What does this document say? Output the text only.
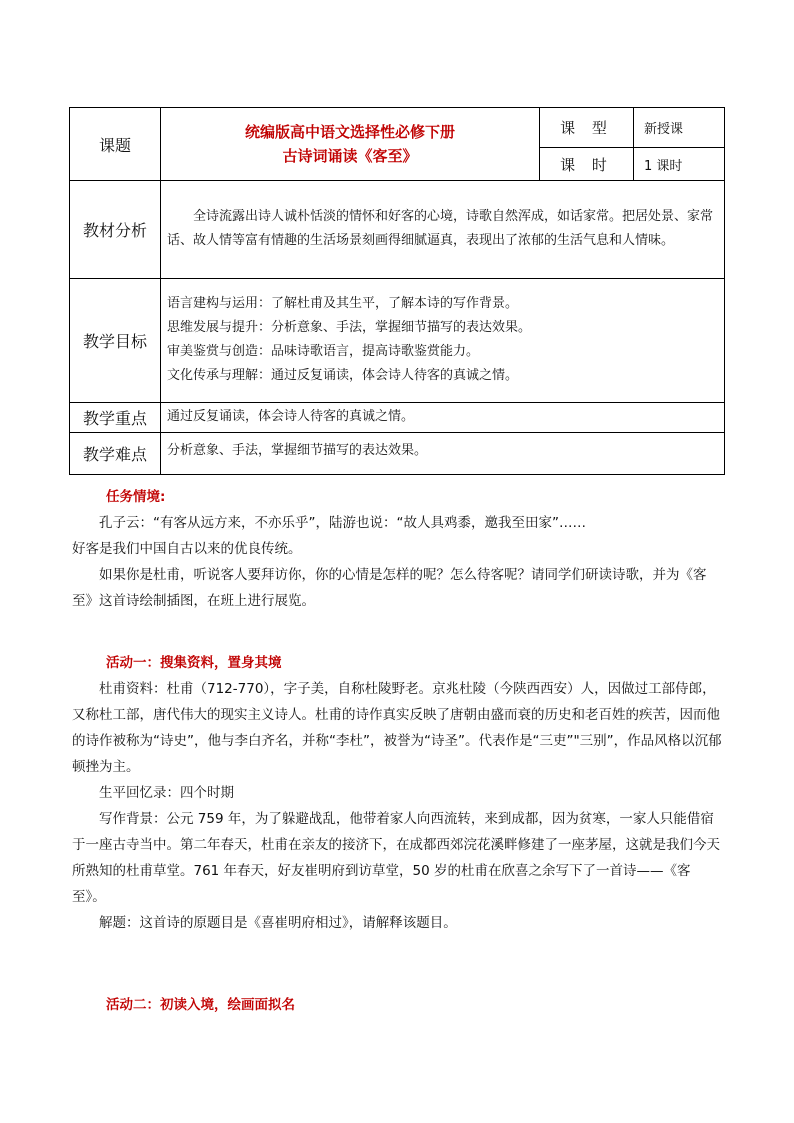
课题	统编版高中语文选择性必修下册
古诗词诵读《客至》	课 型	新授课
		课 时	1 课时
教材分析	全诗流露出诗人诚朴恬淡的情怀和好客的心境，诗歌自然浑成，如话家常。把居处景、家常话、故人情等富有情趣的生活场景刻画得细腻逼真，表现出了浓郁的生活气息和人情味。		
教学目标	语言建构与运用：了解杜甫及其生平，了解本诗的写作背景。
思维发展与提升：分析意象、手法，掌握细节描写的表达效果。
审美鉴赏与创造：品味诗歌语言，提高诗歌鉴赏能力。
文化传承与理解：通过反复诵读，体会诗人待客的真诚之情。		

教学重点	通过反复诵读，体会诗人待客的真诚之情。		
教学难点	分析意象、手法，掌握细节描写的表达效果。		

任务情境:

孔子云：“有客从远方来，不亦乐乎”，陆游也说：“故人具鸡黍，邀我至田家”……

好客是我们中国自古以来的优良传统。

如果你是杜甫，听说客人要拜访你，你的心情是怎样的呢？怎么待客呢？请同学们研读诗歌，并为《客至》这首诗绘制插图，在班上进行展览。

活动一：搜集资料，置身其境

杜甫资料：杜甫（712-770），字子美，自称杜陵野老。京兆杜陵（今陕西西安）人，因做过工部侍郎，又称杜工部，唐代伟大的现实主义诗人。杜甫的诗作真实反映了唐朝由盛而衰的历史和老百姓的疾苦，因而他的诗作被称为“诗史”，他与李白齐名，并称“李杜”，被誉为“诗圣”。代表作是“三吏”"三别”，作品风格以沉郁顿挫为主。

生平回忆录：四个时期

写作背景：公元 759 年，为了躲避战乱，他带着家人向西流转，来到成都，因为贫寒，一家人只能借宿于一座古寺当中。第二年春天，杜甫在亲友的接济下，在成都西郊浣花溪畔修建了一座茅屋，这就是我们今天所熟知的杜甫草堂。761 年春天，好友崔明府到访草堂，50 岁的杜甫在欣喜之余写下了一首诗——《客至》。

解题：这首诗的原题目是《喜崔明府相过》，请解释该题目。

活动二：初读入境，绘画面拟名
